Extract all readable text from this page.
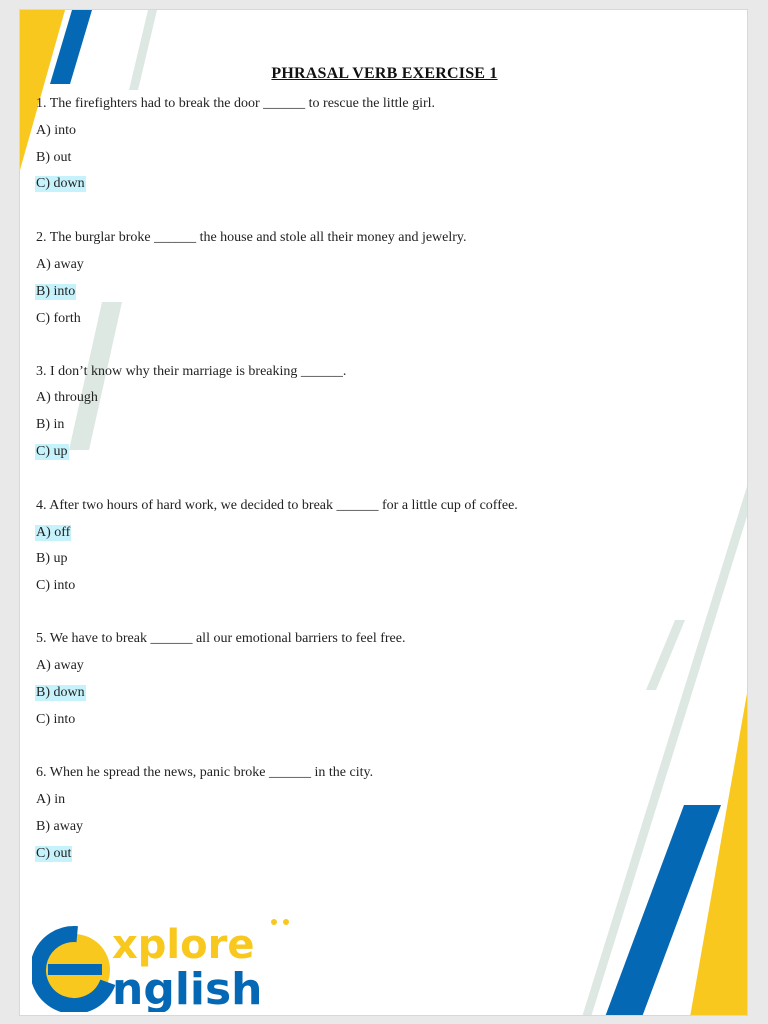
PHRASAL VERB EXERCISE 1
1. The firefighters had to break the door ______ to rescue the little girl.
A) into
B) out
C) down
2. The burglar broke ______ the house and stole all their money and jewelry.
A) away
B) into
C) forth
3. I don’t know why their marriage is breaking ______.
A) through
B) in
C) up
4. After two hours of hard work, we decided to break ______ for a little cup of coffee.
A) off
B) up
C) into
5. We have to break ______ all our emotional barriers to feel free.
A) away
B) down
C) into
6. When he spread the news, panic broke ______ in the city.
A) in
B) away
C) out
xplore
nglish
